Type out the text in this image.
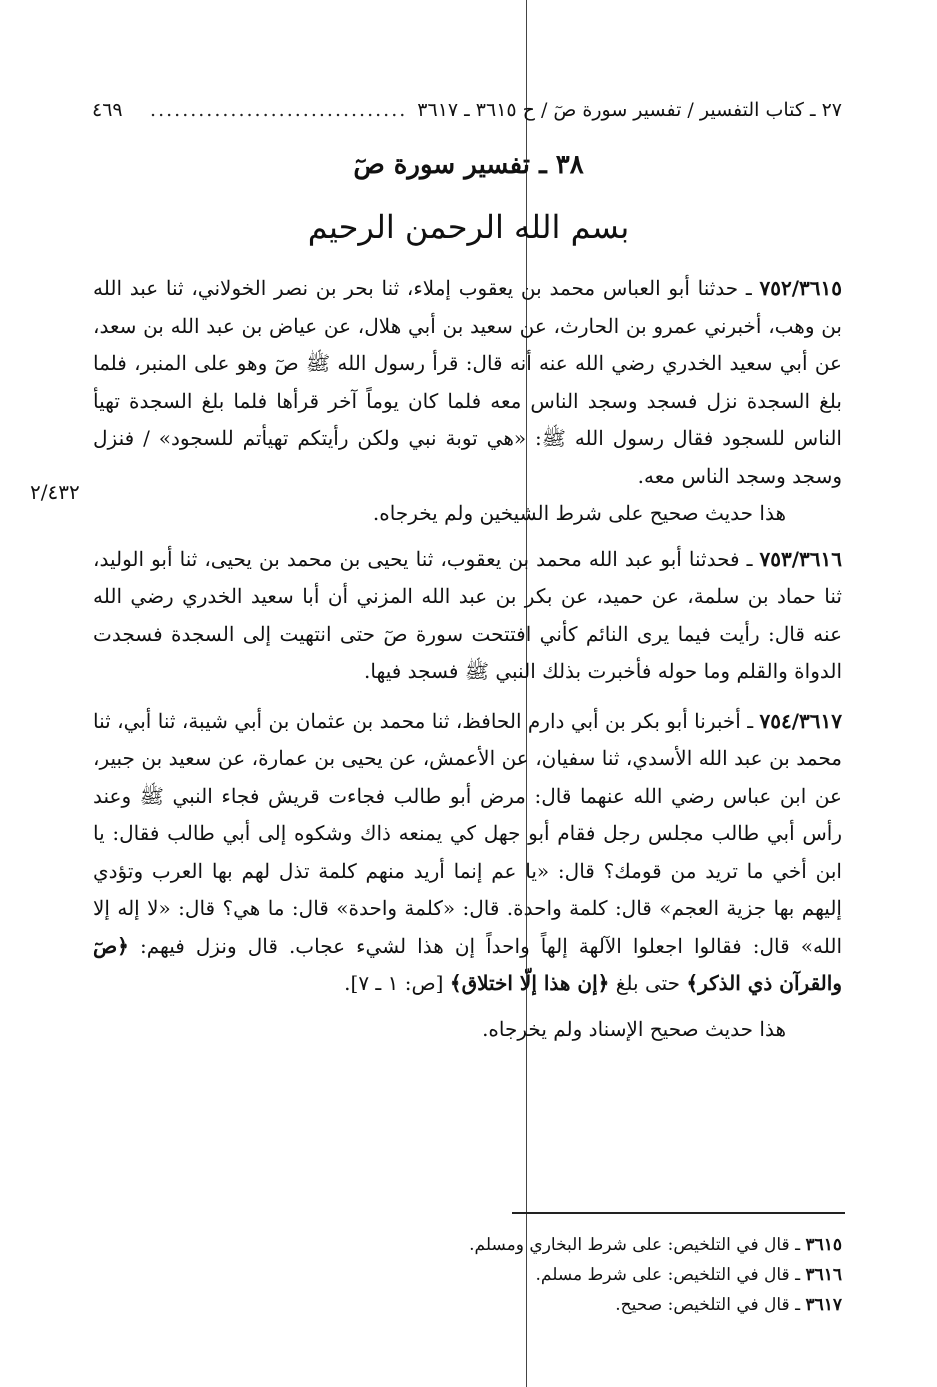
٢٧ ـ كتاب التفسير / تفسير سورة صٓ / ح ٣٦١٥ ـ ٣٦١٧
................................
٤٦٩
٣٨ ـ تفسير سورة صٓ
بسم الله الرحمن الرحيم
٢/٤٣٢

٧٥٢/٣٦١٥ ـ حدثنا أبو العباس محمد بن يعقوب إملاء، ثنا بحر بن نصر الخولاني، ثنا عبد الله بن وهب، أخبرني عمرو بن الحارث، عن سعيد بن أبي هلال، عن عياض بن عبد الله بن سعد، عن أبي سعيد الخدري رضي الله عنه أنه قال: قرأ رسول الله ﷺ صٓ وهو على المنبر، فلما بلغ السجدة نزل فسجد وسجد الناس معه فلما كان يوماً آخر قرأها فلما بلغ السجدة تهيأ الناس للسجود فقال رسول الله ﷺ: «هي توبة نبي ولكن رأيتكم تهيأتم للسجود» / فنزل وسجد وسجد الناس معه.

هذا حديث صحيح على شرط الشيخين ولم يخرجاه.

٧٥٣/٣٦١٦ ـ فحدثنا أبو عبد الله محمد بن يعقوب، ثنا يحيى بن محمد بن يحيى، ثنا أبو الوليد، ثنا حماد بن سلمة، عن حميد، عن بكر بن عبد الله المزني أن أبا سعيد الخدري رضي الله عنه قال: رأيت فيما يرى النائم كأني افتتحت سورة صٓ حتى انتهيت إلى السجدة فسجدت الدواة والقلم وما حوله فأخبرت بذلك النبي ﷺ فسجد فيها.

٧٥٤/٣٦١٧ ـ أخبرنا أبو بكر بن أبي دارم الحافظ، ثنا محمد بن عثمان بن أبي شيبة، ثنا أبي، ثنا محمد بن عبد الله الأسدي، ثنا سفيان، عن الأعمش، عن يحيى بن عمارة، عن سعيد بن جبير، عن ابن عباس رضي الله عنهما قال: مرض أبو طالب فجاءت قريش فجاء النبي ﷺ وعند رأس أبي طالب مجلس رجل فقام أبو جهل كي يمنعه ذاك وشكوه إلى أبي طالب فقال: يا ابن أخي ما تريد من قومك؟ قال: «يا عم إنما أريد منهم كلمة تذل لهم بها العرب وتؤدي إليهم بها جزية العجم» قال: كلمة واحدة. قال: «كلمة واحدة» قال: ما هي؟ قال: «لا إله إلا الله» قال: فقالوا اجعلوا الآلهة إلهاً واحداً إن هذا لشيء عجاب. قال ونزل فيهم: ﴿صٓ والقرآن ذي الذكر﴾ حتى بلغ ﴿إن هذا إلّا اختلاق﴾ [ص: ١ ـ ٧].

هذا حديث صحيح الإسناد ولم يخرجاه.

٣٦١٥ ـ قال في التلخيص: على شرط البخاري ومسلم.

٣٦١٦ ـ قال في التلخيص: على شرط مسلم.

٣٦١٧ ـ قال في التلخيص: صحيح.
